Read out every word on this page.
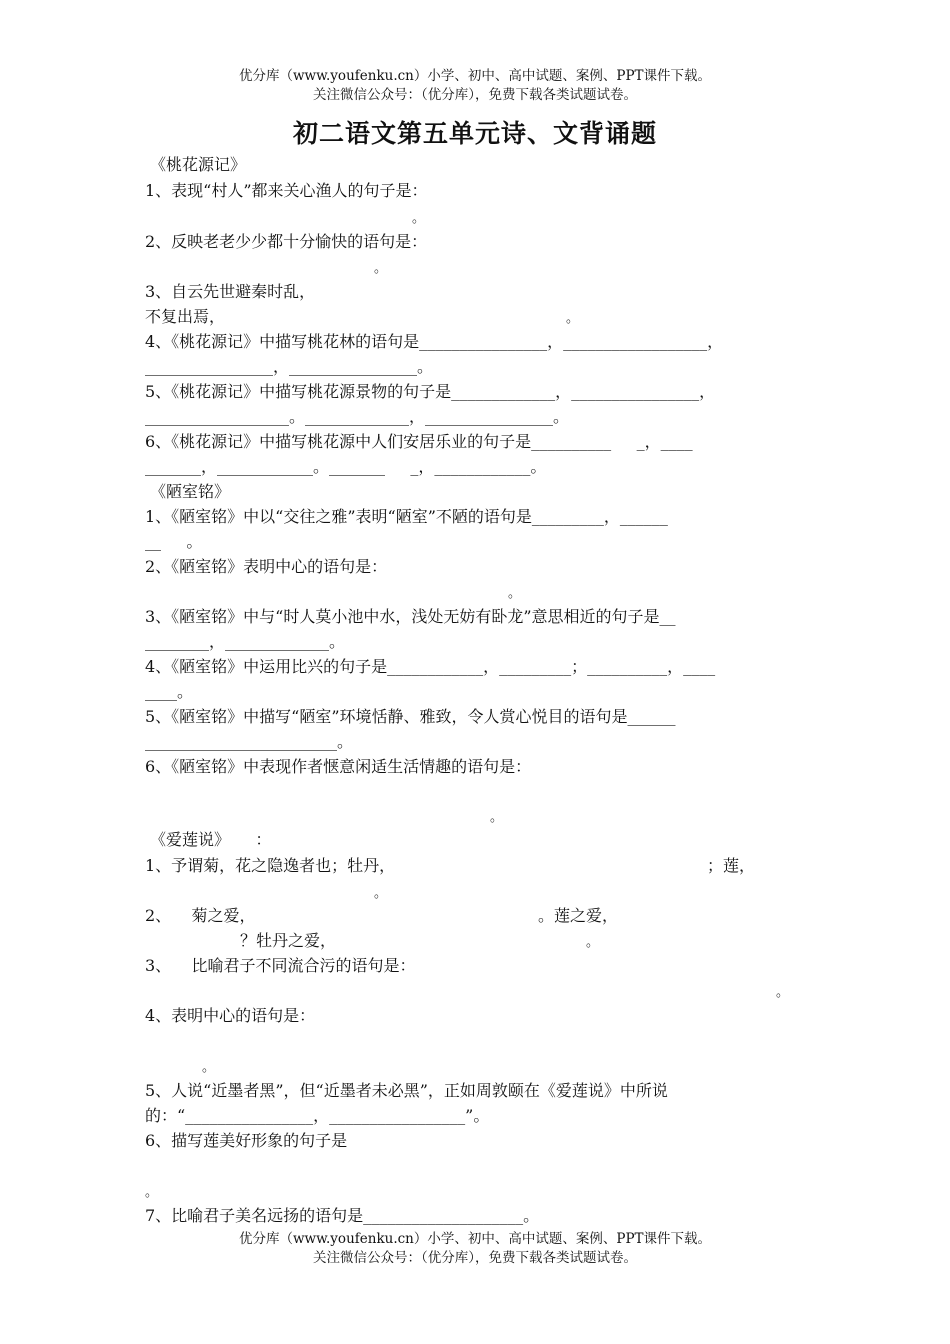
优分库（www.youfenku.cn）小学、初中、高中试题、案例、PPT课件下载。
关注微信公众号：（优分库），免费下载各类试题试卷。
初二语文第五单元诗、文背诵题
《桃花源记》
1、表现“村人”都来关心渔人的句子是：
。
2、反映老老少少都十分愉快的语句是：
。
3、自云先世避秦时乱，
不复出焉，	。
4、《桃花源记》中描写桃花林的语句是________________，__________________，
________________，________________。
5、《桃花源记》中描写桃花源景物的句子是_____________，________________，
__________________。_____________，________________。
6、《桃花源记》中描写桃花源中人们安居乐业的句子是__________     _，____
_______，____________。_______     _，____________。
《陋室铭》
1、《陋室铭》中以“交往之雅”表明“陋室”不陋的语句是_________，______
__     。
2、《陋室铭》表明中心的语句是：
。
3、《陋室铭》中与“时人莫小池中水，浅处无妨有卧龙”意思相近的句子是__
________，_____________。
4、《陋室铭》中运用比兴的句子是____________，_________；__________，____
____。
5、《陋室铭》中描写“陋室”环境恬静、雅致，令人赏心悦目的语句是______
________________________。
6、《陋室铭》中表现作者惬意闲适生活情趣的语句是：
。
《爱莲说》     ：
1、予谓菊，花之隐逸者也；牡丹，	；莲，
。
2、    菊之爱，	。莲之爱，
？牡丹之爱，	。
3、    比喻君子不同流合污的语句是：
。
4、表明中心的语句是：
。
5、人说“近墨者黑”，但“近墨者未必黑”，正如周敦颐在《爱莲说》中所说
的：“________________，_________________”。
6、描写莲美好形象的句子是
。
7、比喻君子美名远扬的语句是____________________。
优分库（www.youfenku.cn）小学、初中、高中试题、案例、PPT课件下载。
关注微信公众号：（优分库），免费下载各类试题试卷。
